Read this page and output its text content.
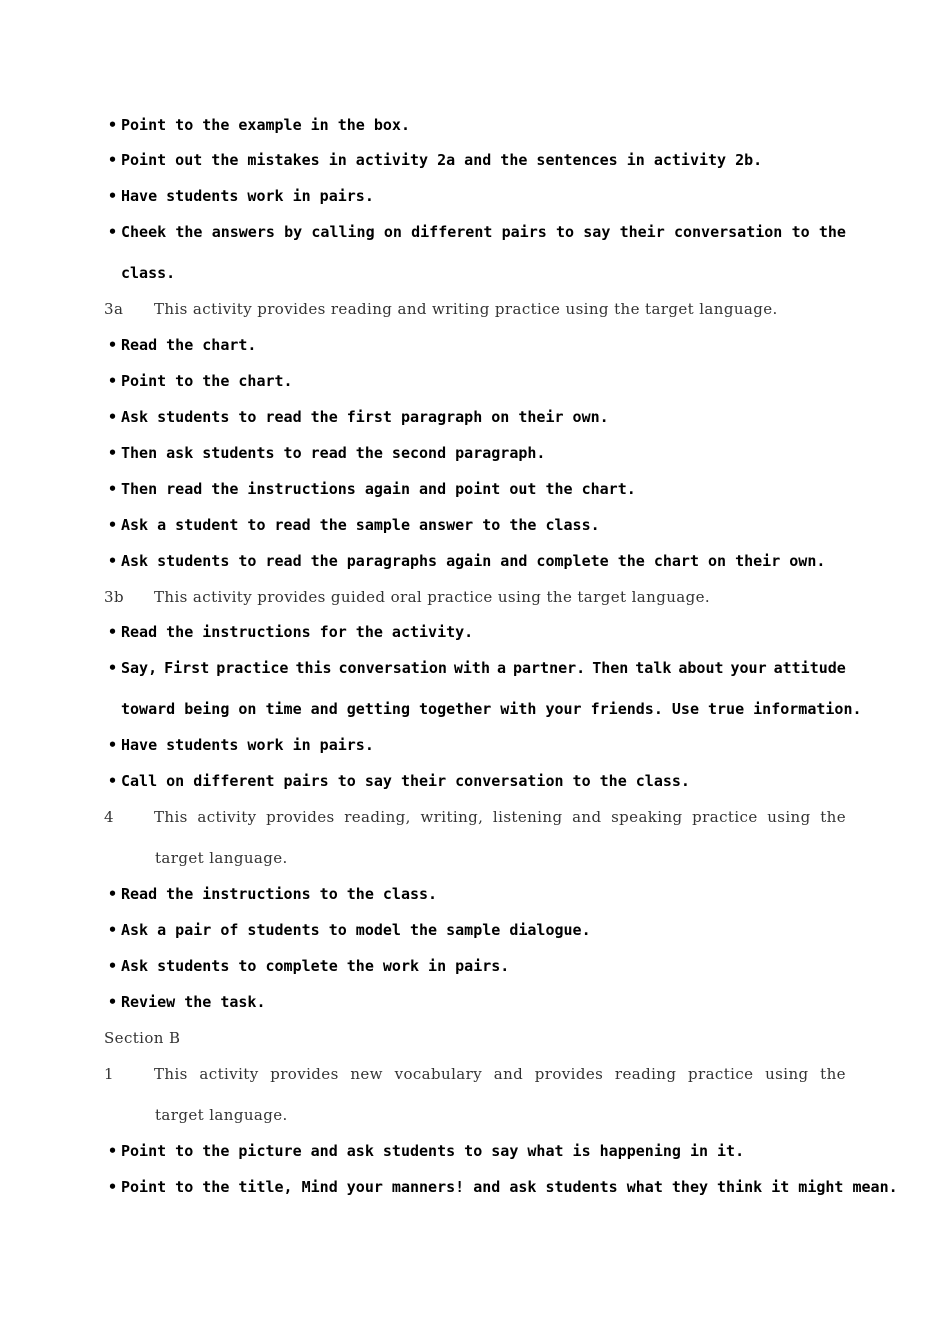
• Point to the example in the box.
• Point out the mistakes in activity 2a and the sentences in activity 2b.
• Have students work in pairs.
• Cheek the answers by calling on different pairs to say their conversation to the
class.
3a This activity provides reading and writing practice using the target language.
• Read the chart.
• Point to the chart.
• Ask students to read the first paragraph on their own.
• Then ask students to read the second paragraph.
• Then read the instructions again and point out the chart.
• Ask a student to read the sample answer to the class.
• Ask students to read the paragraphs again and complete the chart on their own.
3b This activity provides guided oral practice using the target language.
• Read the instructions for the activity.
• Say, First practice this conversation with a partner. Then talk about your attitude
toward being on time and getting together with your friends. Use true information.
• Have students work in pairs.
• Call on different pairs to say their conversation to the class.
4	This activity provides reading, writing, listening and speaking practice using the
target language.
• Read the instructions to the class.
• Ask a pair of students to model the sample dialogue.
• Ask students to complete the work in pairs.
• Review the task.
Section B
1	This activity provides new vocabulary and provides reading practice using the
target language.
• Point to the picture and ask students to say what is happening in it.
• Point to the title, Mind your manners! and ask students what they think it might mean.
